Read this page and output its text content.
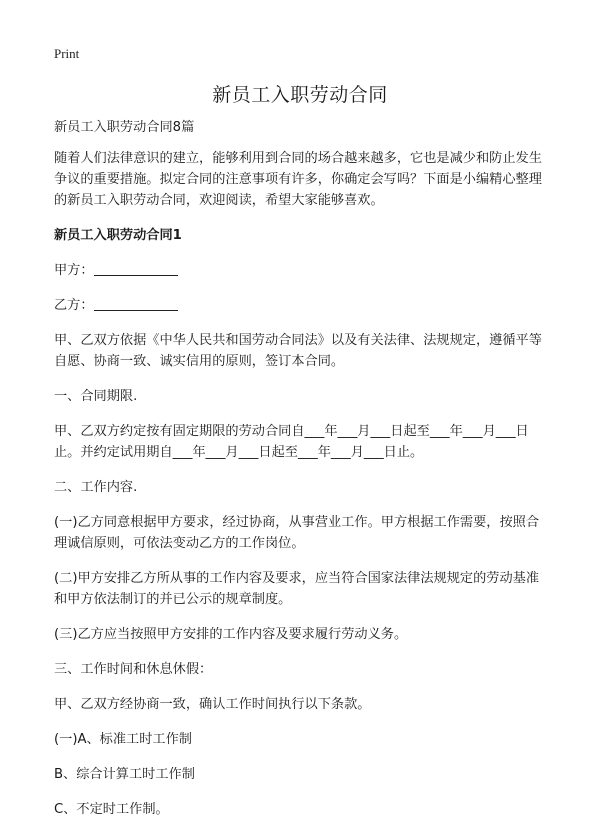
Print
新员工入职劳动合同

新员工入职劳动合同8篇

随着人们法律意识的建立，能够利用到合同的场合越来越多，它也是减少和防止发生争议的重要措施。拟定合同的注意事项有许多，你确定会写吗？下面是小编精心整理的新员工入职劳动合同，欢迎阅读，希望大家能够喜欢。

新员工入职劳动合同1

甲方：

乙方：

甲、乙双方依据《中华人民共和国劳动合同法》以及有关法律、法规规定，遵循平等自愿、协商一致、诚实信用的原则，签订本合同。

一、合同期限.

甲、乙双方约定按有固定期限的劳动合同自___年___月___日起至___年___月___日止。并约定试用期自___年___月___日起至___年___月___日止。

二、工作内容.

(一)乙方同意根据甲方要求，经过协商，从事营业工作。甲方根据工作需要，按照合理诚信原则，可依法变动乙方的工作岗位。

(二)甲方安排乙方所从事的工作内容及要求，应当符合国家法律法规规定的劳动基准和甲方依法制订的并已公示的规章制度。

(三)乙方应当按照甲方安排的工作内容及要求履行劳动义务。

三、工作时间和休息休假：

甲、乙双方经协商一致，确认工作时间执行以下条款。

(一)A、标准工时工作制

B、综合计算工时工作制

C、不定时工作制。
